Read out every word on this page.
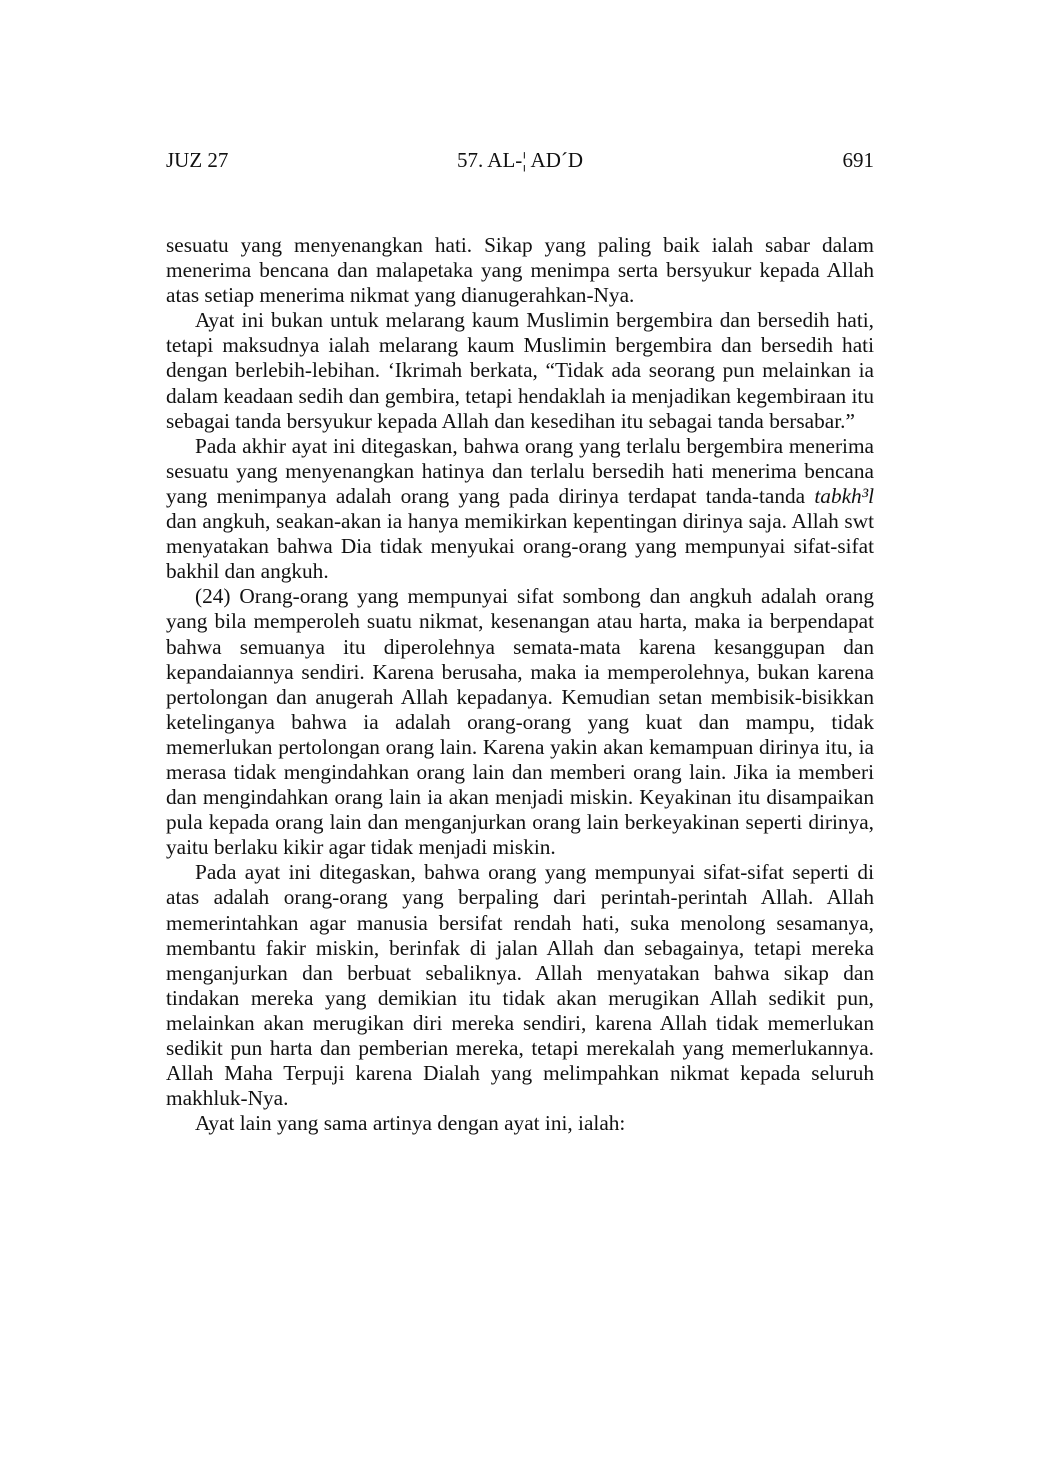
JUZ 27	57. AL-¦ AD´D	691

sesuatu yang menyenangkan hati. Sikap yang paling baik ialah sabar dalam menerima bencana dan malapetaka yang menimpa serta bersyukur kepada Allah atas setiap menerima nikmat yang dianugerahkan-Nya.

Ayat ini bukan untuk melarang kaum Muslimin bergembira dan bersedih hati, tetapi maksudnya ialah melarang kaum Muslimin bergembira dan bersedih hati dengan berlebih-lebihan. ‘Ikrimah berkata, “Tidak ada seorang pun melainkan ia dalam keadaan sedih dan gembira, tetapi hendaklah ia menjadikan kegembiraan itu sebagai tanda bersyukur kepada Allah dan kesedihan itu sebagai tanda bersabar.”

Pada akhir ayat ini ditegaskan, bahwa orang yang terlalu bergembira menerima sesuatu yang menyenangkan hatinya dan terlalu bersedih hati menerima bencana yang menimpanya adalah orang yang pada dirinya terdapat tanda-tanda tabkh³l dan angkuh, seakan-akan ia hanya memikirkan kepentingan dirinya saja. Allah swt menyatakan bahwa Dia tidak menyukai orang-orang yang mempunyai sifat-sifat bakhil dan angkuh.

(24) Orang-orang yang mempunyai sifat sombong dan angkuh adalah orang yang bila memperoleh suatu nikmat, kesenangan atau harta, maka ia berpendapat bahwa semuanya itu diperolehnya semata-mata karena kesanggupan dan kepandaiannya sendiri. Karena berusaha, maka ia memperolehnya, bukan karena pertolongan dan anugerah Allah kepadanya. Kemudian setan membisik-bisikkan ketelinganya bahwa ia adalah orang-orang yang kuat dan mampu, tidak memerlukan pertolongan orang lain. Karena yakin akan kemampuan dirinya itu, ia merasa tidak mengindahkan orang lain dan memberi orang lain. Jika ia memberi dan mengindahkan orang lain ia akan menjadi miskin. Keyakinan itu disampaikan pula kepada orang lain dan menganjurkan orang lain berkeyakinan seperti dirinya, yaitu berlaku kikir agar tidak menjadi miskin.

Pada ayat ini ditegaskan, bahwa orang yang mempunyai sifat-sifat seperti di atas adalah orang-orang yang berpaling dari perintah-perintah Allah. Allah memerintahkan agar manusia bersifat rendah hati, suka menolong sesamanya, membantu fakir miskin, berinfak di jalan Allah dan sebagainya, tetapi mereka menganjurkan dan berbuat sebaliknya. Allah menyatakan bahwa sikap dan tindakan mereka yang demikian itu tidak akan merugikan Allah sedikit pun, melainkan akan merugikan diri mereka sendiri, karena Allah tidak memerlukan sedikit pun harta dan pemberian mereka, tetapi merekalah yang memerlukannya. Allah Maha Terpuji karena Dialah yang melimpahkan nikmat kepada seluruh makhluk-Nya.

Ayat lain yang sama artinya dengan ayat ini, ialah:
